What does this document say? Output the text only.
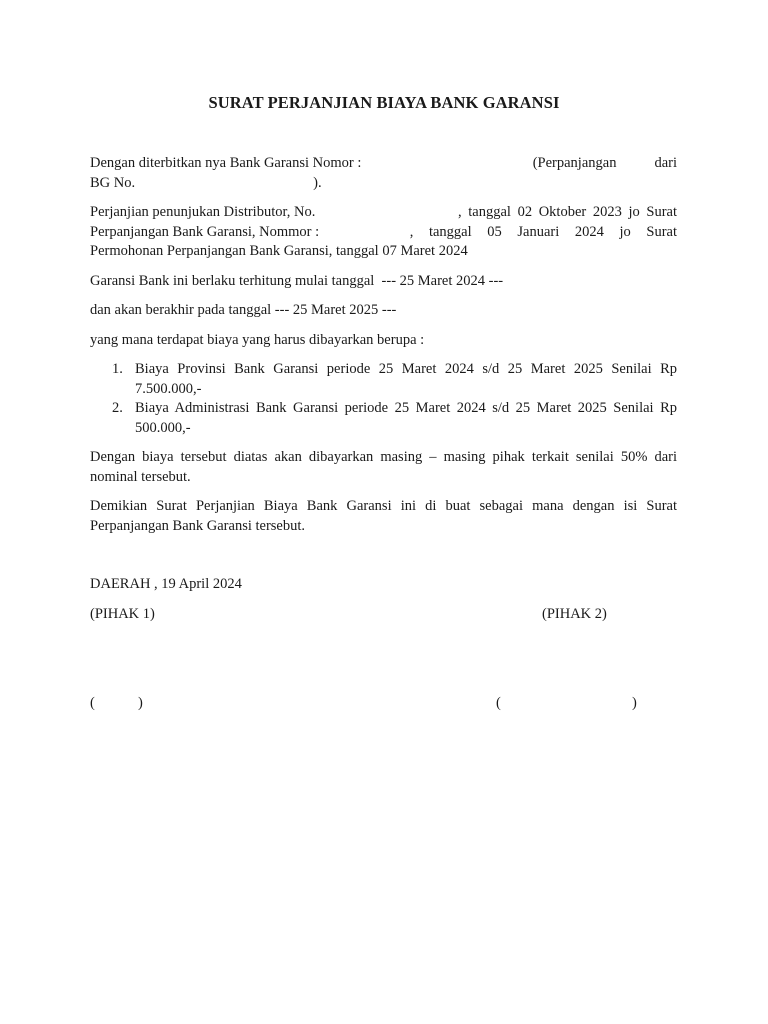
SURAT PERJANJIAN BIAYA BANK GARANSI
Dengan diterbitkan nya Bank Garansi Nomor :	(Perpanjangan	dari
BG No.	).
Perjanjian penunjukan Distributor, No.	, tanggal 02 Oktober 2023 jo Surat
Perpanjangan Bank Garansi, Nommor :	, tanggal 05 Januari 2024 jo Surat
Permohonan Perpanjangan Bank Garansi, tanggal 07 Maret 2024
Garansi Bank ini berlaku terhitung mulai tanggal  --- 25 Maret 2024 ---
dan akan berakhir pada tanggal --- 25 Maret 2025 ---
yang mana terdapat biaya yang harus dibayarkan berupa :
1. Biaya Provinsi Bank Garansi periode 25 Maret 2024 s/d 25 Maret 2025 Senilai Rp 7.500.000,-
2. Biaya Administrasi Bank Garansi periode 25 Maret 2024 s/d 25 Maret 2025 Senilai Rp 500.000,-
Dengan biaya tersebut diatas akan dibayarkan masing – masing pihak terkait senilai 50% dari nominal tersebut.
Demikian Surat Perjanjian Biaya Bank Garansi ini di buat sebagai mana dengan isi Surat Perpanjangan Bank Garansi tersebut.
DAERAH , 19 April 2024
(PIHAK 1)	(PIHAK 2)
(	)	(	)
